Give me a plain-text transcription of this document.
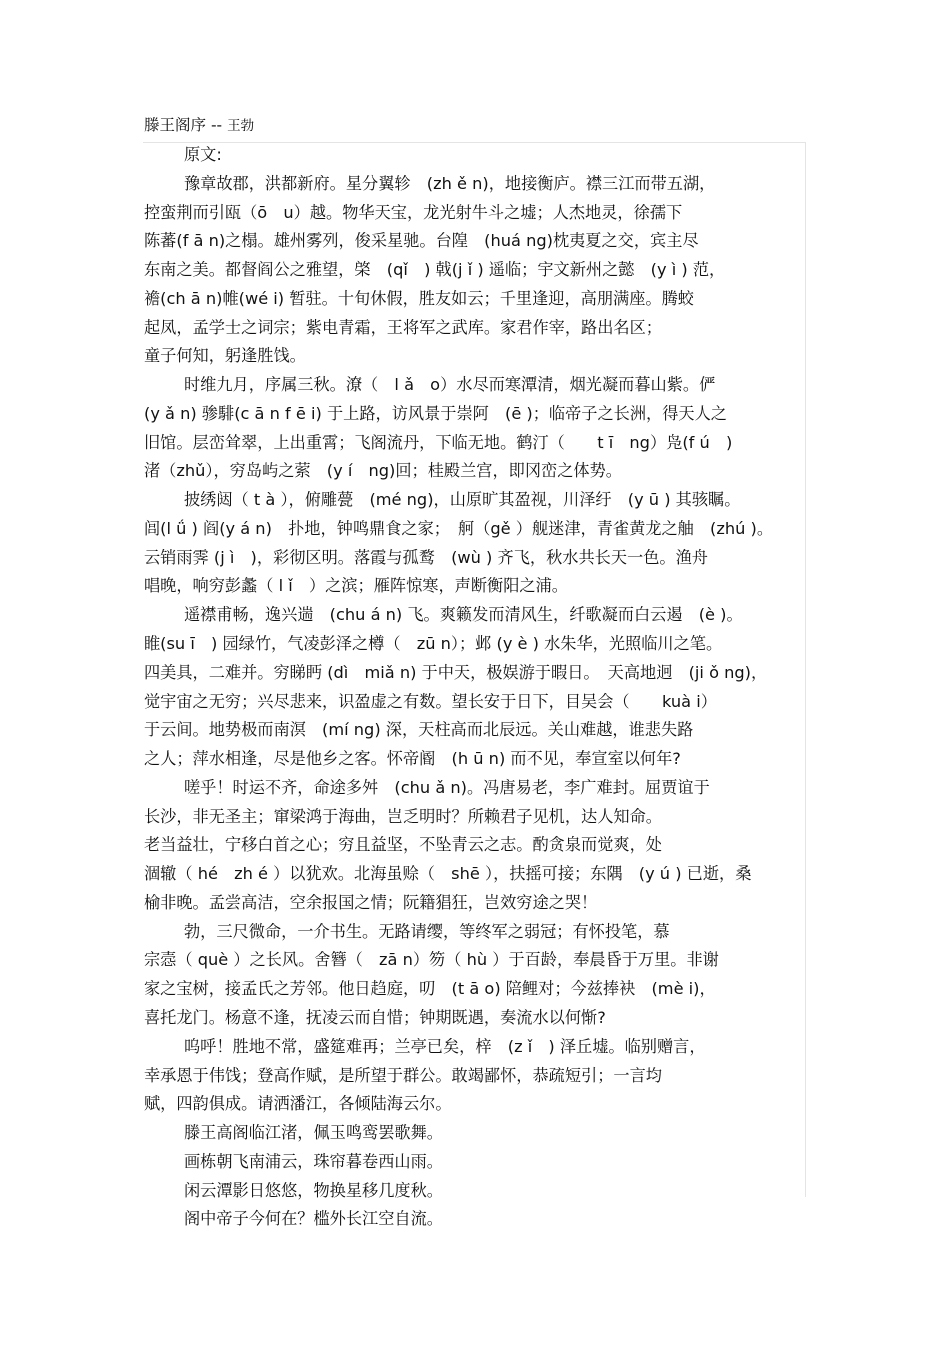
滕王阁序 -- 王勃
原文:
豫章故郡，洪都新府。星分翼轸　(zh ě n)，地接衡庐。襟三江而带五湖，
控蛮荆而引瓯（ō　u）越。物华天宝，龙光射牛斗之墟；人杰地灵，徐孺下
陈蕃(f ā n)之榻。雄州雾列，俊采星驰。台隍　(huá ng)枕夷夏之交，宾主尽
东南之美。都督阎公之雅望，棨　(qǐ　) 戟(j ǐ ) 遥临；宇文新州之懿　(y ì ) 范，
襜(ch ā n)帷(wé i) 暂驻。十旬休假，胜友如云；千里逢迎，高朋满座。腾蛟
起凤，孟学士之词宗；紫电青霜，王将军之武库。家君作宰，路出名区；
童子何知，躬逢胜饯。
时维九月，序属三秋。潦（　l ǎ　o）水尽而寒潭清，烟光凝而暮山紫。俨
(y ǎ n) 骖騑(c ā n f ē i) 于上路，访风景于崇阿　(ē )；临帝子之长洲，得天人之
旧馆。层峦耸翠，上出重霄；飞阁流丹，下临无地。鹤汀（　　t ī　ng）凫(f ú　)
渚（zhǔ），穷岛屿之萦　(y í　ng)回；桂殿兰宫，即冈峦之体势。
披绣闼（ t à ），俯雕甍　(mé ng)，山原旷其盈视，川泽纡　(y ū ) 其骇瞩。
闾(l ǘ ) 阎(y á n)　扑地，钟鸣鼎食之家；　舸（gě ）舰迷津，青雀黄龙之舳　(zhú )。
云销雨霁 (j ì　)，彩彻区明。落霞与孤鹜　(wù ) 齐飞，秋水共长天一色。渔舟
唱晚，响穷彭蠡（ l ǐ　）之滨；雁阵惊寒，声断衡阳之浦。
遥襟甫畅，逸兴遄　(chu á n) 飞。爽籁发而清风生，纤歌凝而白云遏　(è )。
睢(su ī　) 园绿竹，气凌彭泽之樽（　zū n）；邺 (y è ) 水朱华，光照临川之笔。
四美具，二难并。穷睇眄 (dì　miǎ n) 于中天，极娱游于暇日。　天高地迥　(ji ǒ ng)，
觉宇宙之无穷；兴尽悲来，识盈虚之有数。望长安于日下，目吴会（　　kuà i）
于云间。地势极而南溟　(mí ng) 深，天柱高而北辰远。关山难越，谁悲失路
之人；萍水相逢，尽是他乡之客。怀帝阍　(h ū n) 而不见，奉宣室以何年?
嗟乎！时运不齐，命途多舛　(chu ǎ n)。冯唐易老，李广难封。屈贾谊于
长沙，非无圣主；窜梁鸿于海曲，岂乏明时？所赖君子见机，达人知命。
老当益壮，宁移白首之心；穷且益坚，不坠青云之志。酌贪泉而觉爽，处
涸辙（ hé　zh é ）以犹欢。北海虽赊（　shē ），扶摇可接；东隅　(y ú ) 已逝，桑
榆非晚。孟尝高洁，空余报国之情；阮籍猖狂，岂效穷途之哭！
勃，三尺微命，一介书生。无路请缨，等终军之弱冠；有怀投笔，慕
宗悫（ què ）之长风。舍簪（　zā n）笏（ hù ）于百龄，奉晨昏于万里。非谢
家之宝树，接孟氏之芳邻。他日趋庭，叨　(t ā o) 陪鲤对；今兹捧袂　(mè i)，
喜托龙门。杨意不逢，抚凌云而自惜；钟期既遇，奏流水以何惭?
呜呼！胜地不常，盛筵难再；兰亭已矣，梓　(z ǐ　) 泽丘墟。临别赠言，
幸承恩于伟饯；登高作赋，是所望于群公。敢竭鄙怀，恭疏短引；一言均
赋，四韵俱成。请洒潘江，各倾陆海云尔。
滕王高阁临江渚，佩玉鸣鸾罢歌舞。
画栋朝飞南浦云，珠帘暮卷西山雨。
闲云潭影日悠悠，物换星移几度秋。
阁中帝子今何在？槛外长江空自流。
